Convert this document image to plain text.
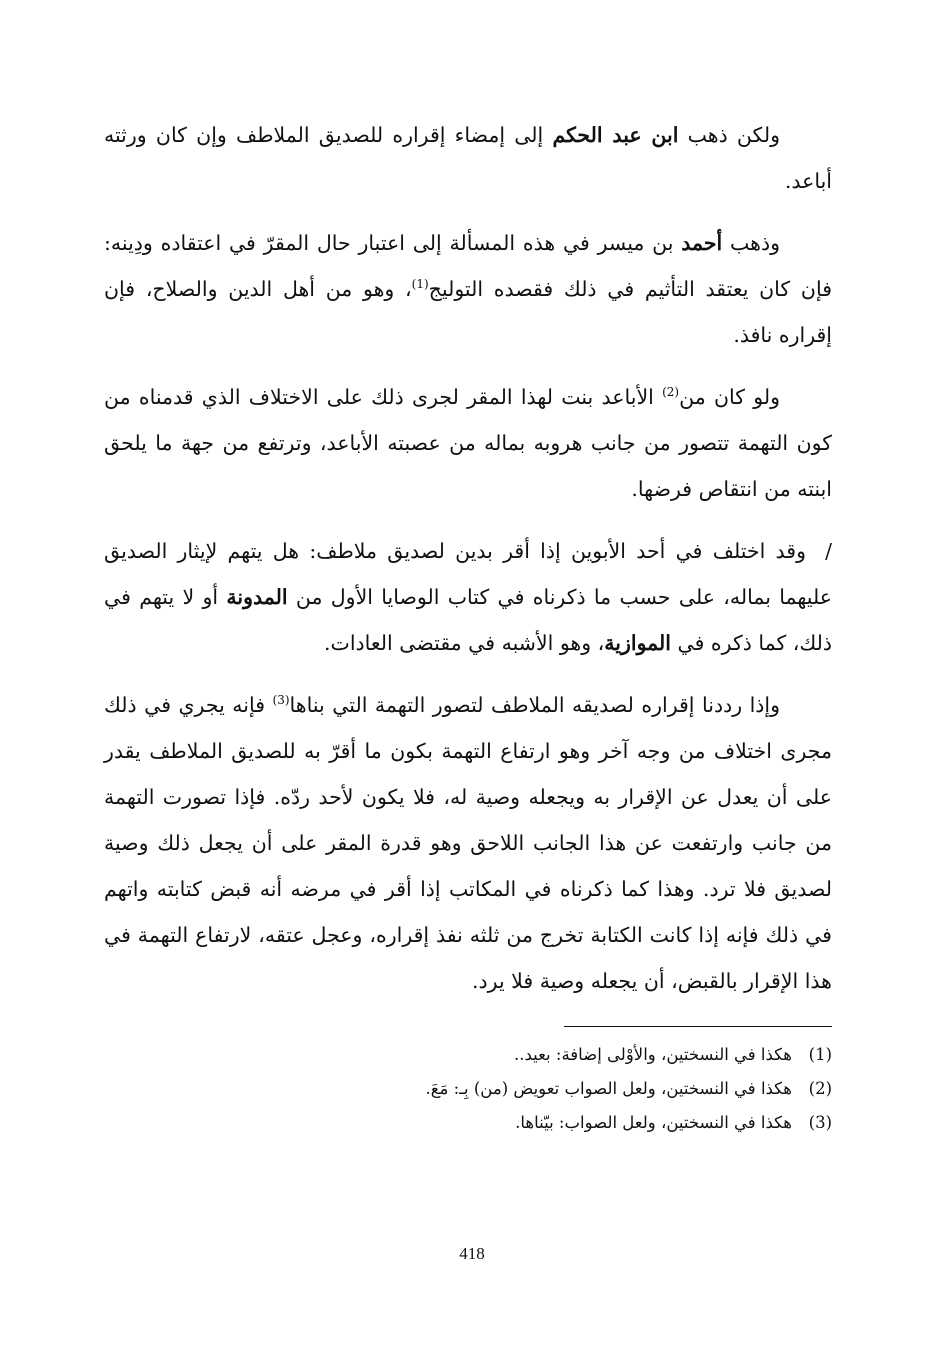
ولكن ذهب ابن عبد الحكم إلى إمضاء إقراره للصديق الملاطف وإن كان ورثته أباعد.

وذهب أحمد بن ميسر في هذه المسألة إلى اعتبار حال المقرّ في اعتقاده ودِينه: فإن كان يعتقد التأثيم في ذلك فقصده التوليج$^{(1)}$، وهو من أهل الدين والصلاح، فإن إقراره نافذ.

ولو كان من$^{(2)}$ الأباعد بنت لهذا المقر لجرى ذلك على الاختلاف الذي قدمناه من كون التهمة تتصور من جانب هروبه بماله من عصبته الأباعد، وترتفع من جهة ما يلحق ابنته من انتقاص فرضها.

/وقد اختلف في أحد الأبوين إذا أقر بدين لصديق ملاطف: هل يتهم لإيثار الصديق عليهما بماله، على حسب ما ذكرناه في كتاب الوصايا الأول من المدونة أو لا يتهم في ذلك، كما ذكره في الموازية، وهو الأشبه في مقتضى العادات.

وإذا رددنا إقراره لصديقه الملاطف لتصور التهمة التي بناها$^{(3)}$ فإنه يجري في ذلك مجرى اختلاف من وجه آخر وهو ارتفاع التهمة بكون ما أقرّ به للصديق الملاطف يقدر على أن يعدل عن الإقرار به ويجعله وصية له، فلا يكون لأحد ردّه. فإذا تصورت التهمة من جانب وارتفعت عن هذا الجانب اللاحق وهو قدرة المقر على أن يجعل ذلك وصية لصديق فلا ترد. وهذا كما ذكرناه في المكاتب إذا أقر في مرضه أنه قبض كتابته واتهم في ذلك فإنه إذا كانت الكتابة تخرج من ثلثه نفذ إقراره، وعجل عتقه، لارتفاع التهمة في هذا الإقرار بالقبض، أن يجعله وصية فلا يرد.

(1)
هكذا في النسختين، والأوْلى إضافة: بعيد..
(2)
هكذا في النسختين، ولعل الصواب تعويض (من) بِـ: مَعَ.
(3)
هكذا في النسختين، ولعل الصواب: بيّناها.
418
